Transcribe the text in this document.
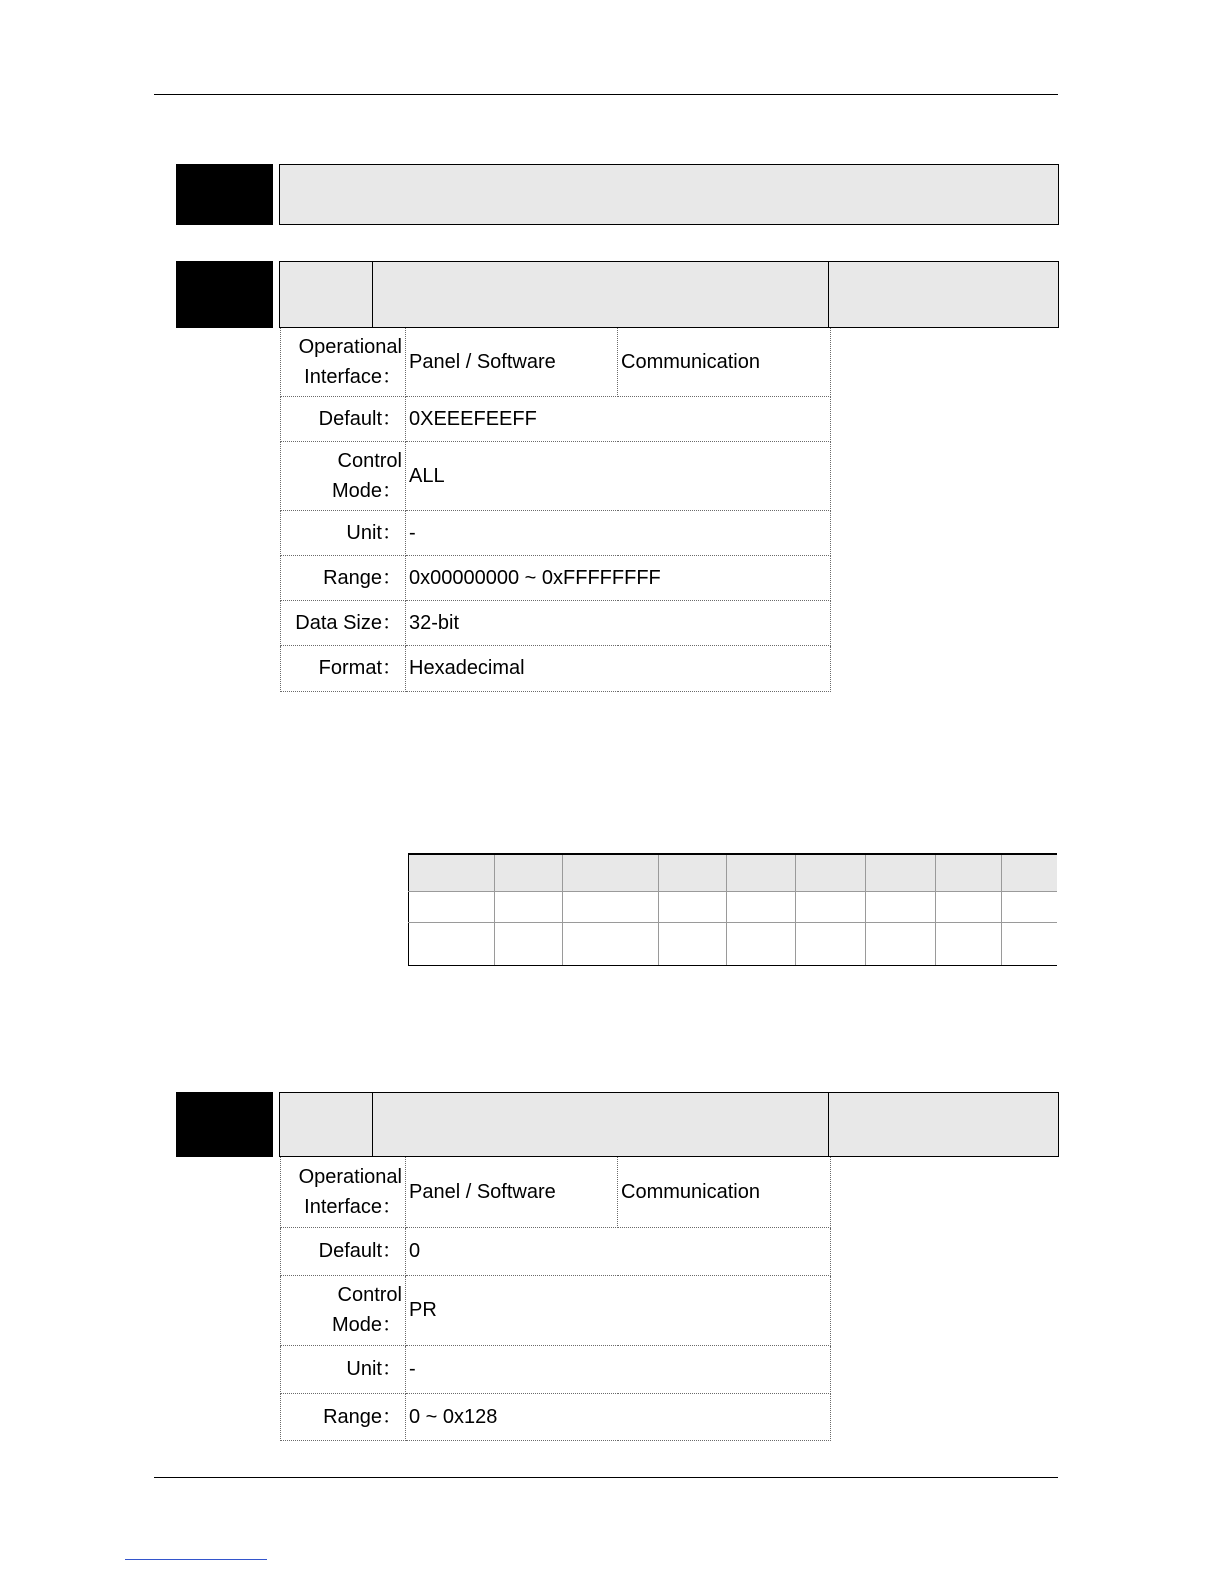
Operational
Interface：	Panel / Software	Communication
Default：	0XEEEFEEFF	
Control
Mode：	ALL	
Unit：	-	
Range：	0x00000000 ~ 0xFFFFFFFF	
Data Size：	32-bit	
Format：	Hexadecimal	

Operational
Interface：	Panel / Software	Communication
Default：	0	
Control
Mode：	PR	
Unit：	-	
Range：	0 ~ 0x128	
